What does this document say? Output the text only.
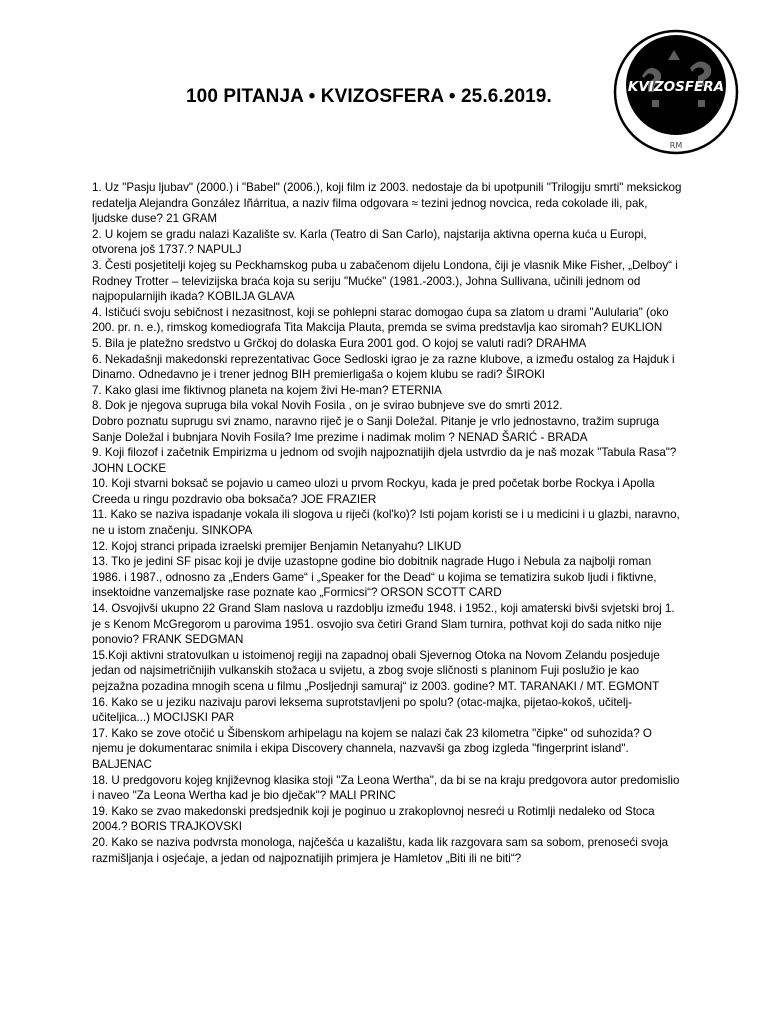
100 PITANJA • KVIZOSFERA • 25.6.2019.	KVIZOSFERA
RM

1. Uz "Pasju ljubav" (2000.) i "Babel" (2006.), koji film iz 2003. nedostaje da bi upotpunili "Trilogiju smrti" meksickog redatelja Alejandra González Iñárritua, a naziv filma odgovara ≈ tezini jednog novcica, reda cokolade ili, pak, ljudske duse? 21 GRAM

2. U kojem se gradu nalazi Kazalište sv. Karla (Teatro di San Carlo), najstarija aktivna operna kuća u Europi, otvorena još 1737.? NAPULJ

3. Česti posjetitelji kojeg su Peckhamskog puba u zabačenom dijelu Londona, čiji je vlasnik Mike Fisher, „Delboy“ i Rodney Trotter – televizijska braća koja su seriju "Mućke" (1981.-2003.), Johna Sullivana, učinili jednom od najpopularnijih ikada? KOBILJA GLAVA

4. Ističući svoju sebičnost i nezasitnost, koji se pohlepni starac domogao ćupa sa zlatom u drami "Aulularia" (oko 200. pr. n. e.), rimskog komediografa Tita Makcija Plauta, premda se svima predstavlja kao siromah? EUKLION

5. Bila je platežno sredstvo u Grčkoj do dolaska Eura 2001 god. O kojoj se valuti radi? DRAHMA

6. Nekadašnji makedonski reprezentativac Goce Sedloski igrao je za razne klubove, a između ostalog za Hajduk i Dinamo. Odnedavno je i trener jednog BIH premierligaša o kojem klubu se radi? ŠIROKI

7. Kako glasi ime fiktivnog planeta na kojem živi He-man? ETERNIA

8. Dok je njegova supruga bila vokal Novih Fosila , on je svirao bubnjeve sve do smrti 2012.

Dobro poznatu suprugu svi znamo, naravno riječ je o Sanji Doležal. Pitanje je vrlo jednostavno, tražim supruga Sanje Doležal i bubnjara Novih Fosila? Ime prezime i nadimak molim ? NENAD ŠARIĆ - BRADA

9. Koji filozof i začetnik Empirizma u jednom od svojih najpoznatijih djela ustvrdio da je naš mozak "Tabula Rasa"? JOHN LOCKE

10. Koji stvarni boksač se pojavio u cameo ulozi u prvom Rockyu, kada je pred početak borbe Rockya i Apolla Creeda u ringu pozdravio oba boksača? JOE FRAZIER

11. Kako se naziva ispadanje vokala ili slogova u riječi (kol'ko)? Isti pojam koristi se i u medicini i u glazbi, naravno, ne u istom značenju. SINKOPA

12. Kojoj stranci pripada izraelski premijer Benjamin Netanyahu? LIKUD

13. Tko je jedini SF pisac koji je dvije uzastopne godine bio dobitnik nagrade Hugo i Nebula za najbolji roman 1986. i 1987., odnosno za „Enders Game“ i „Speaker for the Dead“ u kojima se tematizira sukob ljudi i fiktivne, insektoidne vanzemaljske rase poznate kao „Formicsi“? ORSON SCOTT CARD

14. Osvojivši ukupno 22 Grand Slam naslova u razdoblju između 1948. i 1952., koji amaterski bivši svjetski broj 1. je s Kenom McGregorom u parovima 1951. osvojio sva četiri Grand Slam turnira, pothvat koji do sada nitko nije ponovio? FRANK SEDGMAN

15.Koji aktivni stratovulkan u istoimenoj regiji na zapadnoj obali Sjevernog Otoka na Novom Zelandu posjeduje jedan od najsimetričnijih vulkanskih stožaca u svijetu, a zbog svoje sličnosti s planinom Fuji poslužio je kao pejzažna pozadina mnogih scena u filmu „Posljednji samuraj“ iz 2003. godine? MT. TARANAKI / MT. EGMONT

16. Kako se u jeziku nazivaju parovi leksema suprotstavljeni po spolu? (otac-majka, pijetao-kokoš, učitelj-učiteljica...) MOCIJSKI PAR

17. Kako se zove otočić u Šibenskom arhipelagu na kojem se nalazi čak 23 kilometra "čipke" od suhozida? O njemu je dokumentarac snimila i ekipa Discovery channela, nazvavši ga zbog izgleda "fingerprint island". BALJENAC

18. U predgovoru kojeg književnog klasika stoji "Za Leona Wertha", da bi se na kraju predgovora autor predomislio i naveo "Za Leona Wertha kad je bio dječak"? MALI PRINC

19. Kako se zvao makedonski predsjednik koji je poginuo u zrakoplovnoj nesreći u Rotimlji nedaleko od Stoca 2004.? BORIS TRAJKOVSKI

20. Kako se naziva podvrsta monologa, najčešća u kazalištu, kada lik razgovara sam sa sobom, prenoseći svoja razmišljanja i osjećaje, a jedan od najpoznatijih primjera je Hamletov „Biti ili ne biti“?
